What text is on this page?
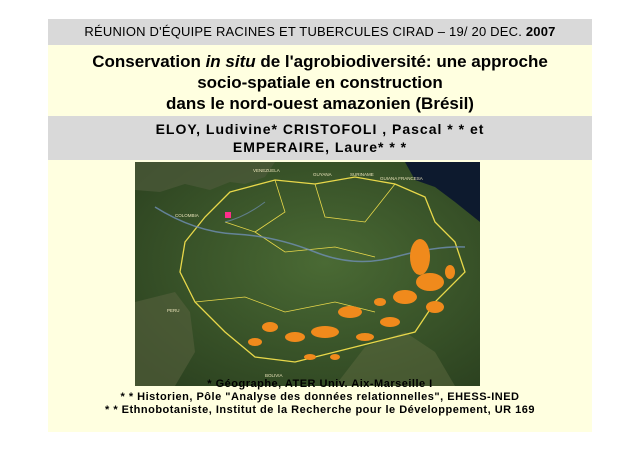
RÉUNION D'ÉQUIPE RACINES ET TUBERCULES CIRAD – 19/ 20 DEC. 2007
Conservation in situ de l'agrobiodiversité: une approche
socio-spatiale en construction
dans le nord-ouest amazonien (Brésil)
ELOY, Ludivine* CRISTOFOLI , Pascal * * et
EMPERAIRE, Laure* * *
VENEZUELA
GUYANA	SURINAME
GUIANA FRANCESA
COLOMBIA
PERU
BOLIVIA
* Géographe, ATER Univ. Aix-Marseille I
* * Historien, Pôle "Analyse des données relationnelles", EHESS-INED
* * Ethnobotaniste, Institut de la Recherche pour le Développement, UR 169
